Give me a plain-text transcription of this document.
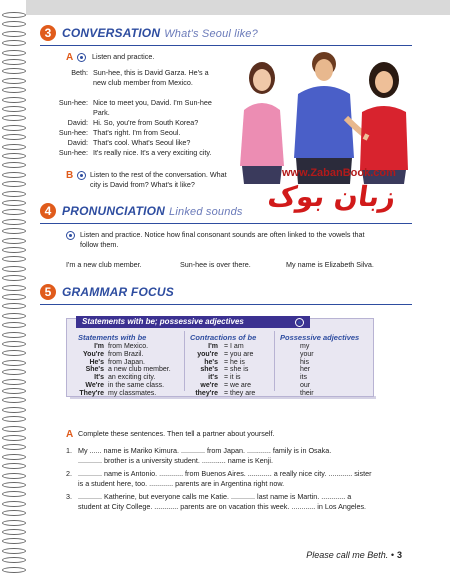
3 CONVERSATION What's Seoul like?
A	Listen and practice.
Beth: Sun-hee, this is David Garza. He's a new club member from Mexico.
Sun-hee: Nice to meet you, David. I'm Sun-hee Park.
David: Hi. So, you're from South Korea?
Sun-hee: That's right. I'm from Seoul.
David: That's cool. What's Seoul like?
Sun-hee: It's really nice. It's a very exciting city.
B Listen to the rest of the conversation. What city is David from? What's it like?
www.ZabanBook.com
زبان بوک
4 PRONUNCIATION Linked sounds
Listen and practice. Notice how final consonant sounds are often linked to the vowels that follow them.
I'm a new club member.	Sun-hee is over there.	My name is Elizabeth Silva.
5 GRAMMAR FOCUS
Statements with be; possessive adjectives
Statements with be	Contractions of be	Possessive adjectives
I'm from Mexico.	I'm = I am	my
You're from Brazil.	you're = you are	your
He's from Japan.	he's = he is	his
She's a new club member.	she's = she is	her
It's an exciting city.	it's = it is	its
We're in the same class.	we're = we are	our
They're my classmates.	they're = they are	their
A Complete these sentences. Then tell a partner about yourself.
1. My ...... name is Mariko Kimura. ............ from Japan. ............ family is in Osaka.
............ brother is a university student. ............ name is Kenji.
2. ............ name is Antonio. ............ from Buenos Aires. ............ a really nice city. ............ sister
is a student here, too. ............ parents are in Argentina right now.
3. ............ Katherine, but everyone calls me Katie. ............ last name is Martin. ............ a
student at City College. ............ parents are on vacation this week. ............ in Los Angeles.
Please call me Beth. • 3
